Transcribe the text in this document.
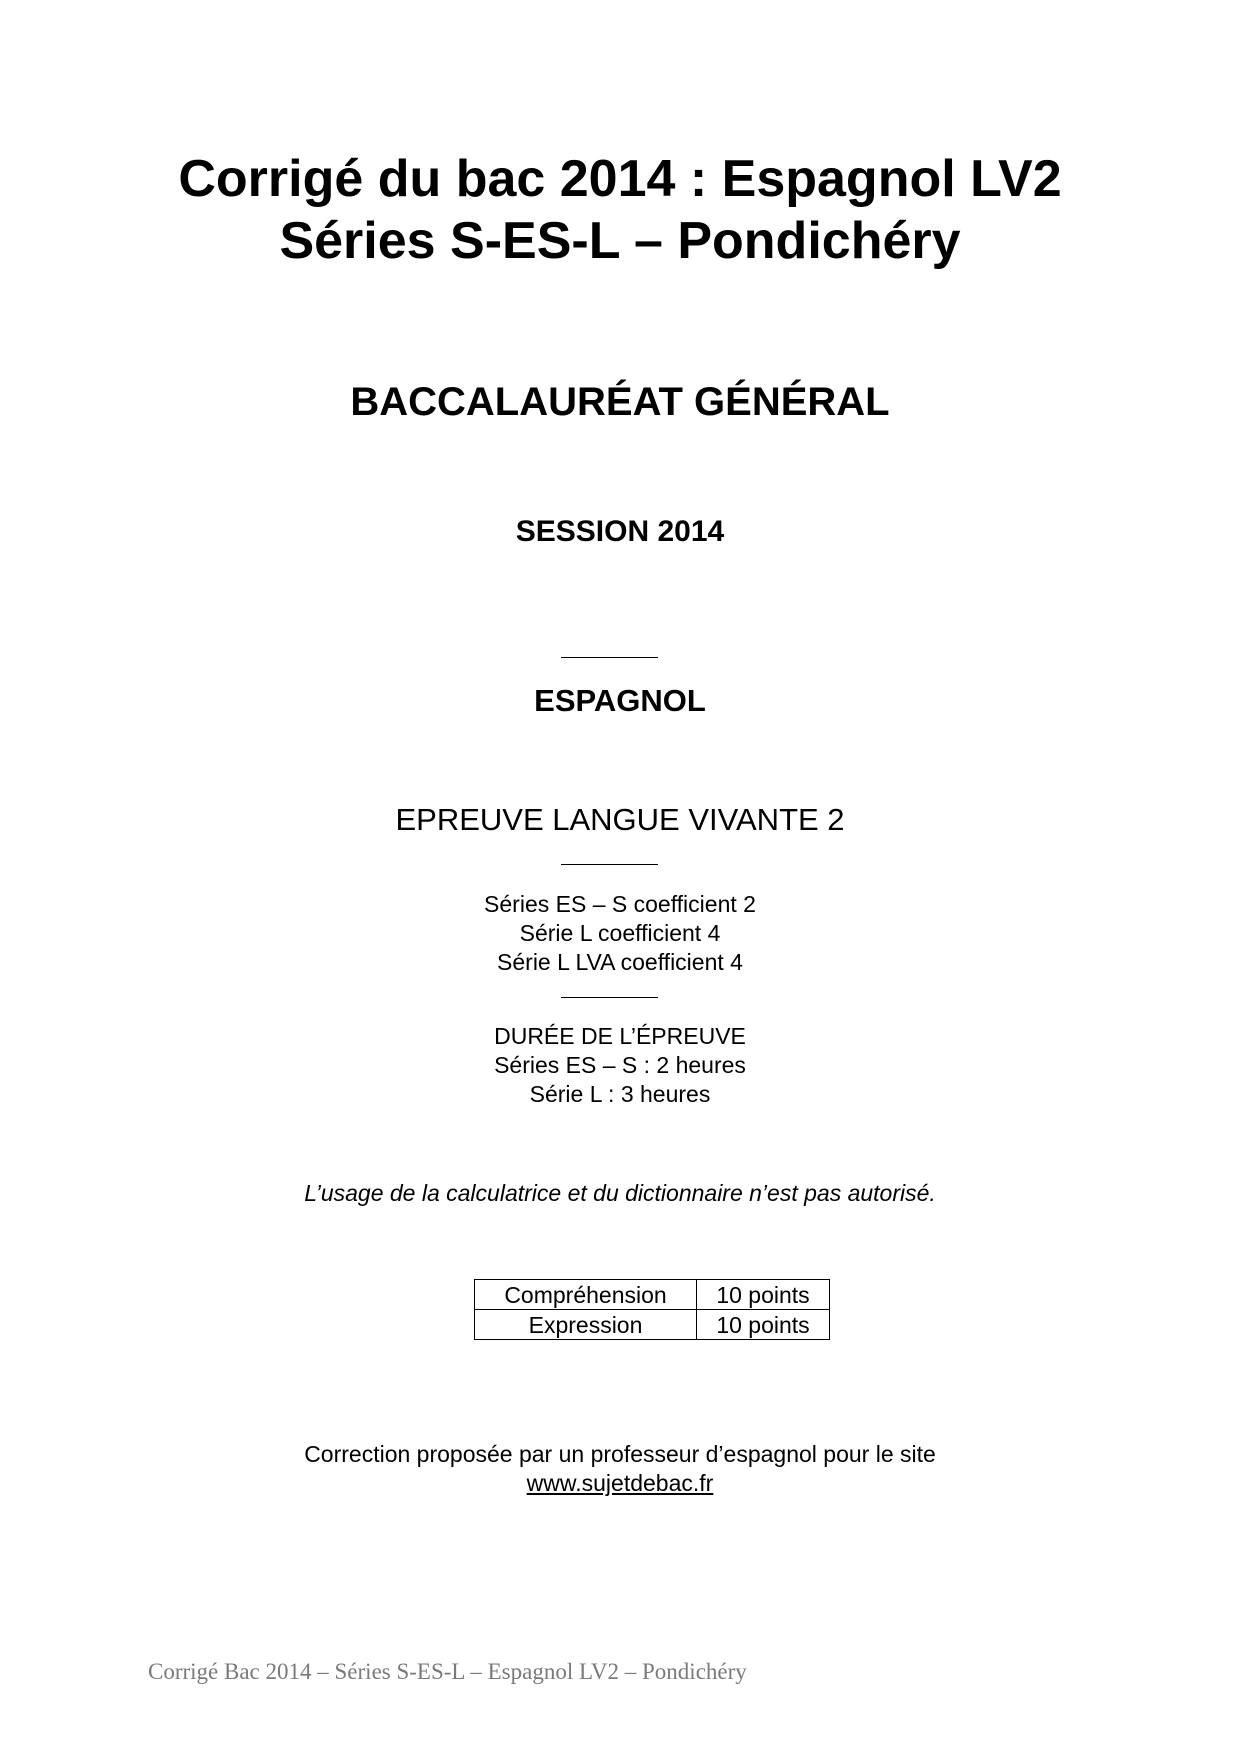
Corrigé du bac 2014 : Espagnol LV2
Séries S-ES-L – Pondichéry
BACCALAURÉAT GÉNÉRAL
SESSION 2014
ESPAGNOL
EPREUVE LANGUE VIVANTE 2
Séries ES – S coefficient 2
Série L coefficient 4
Série L LVA coefficient 4
DURÉE DE L’ÉPREUVE
Séries ES – S : 2 heures
Série L : 3 heures
L’usage de la calculatrice et du dictionnaire n’est pas autorisé.
Compréhension	10 points
Expression	10 points
Correction proposée par un professeur d’espagnol pour le site
www.sujetdebac.fr
Corrigé Bac 2014 – Séries S-ES-L – Espagnol LV2 – Pondichéry
